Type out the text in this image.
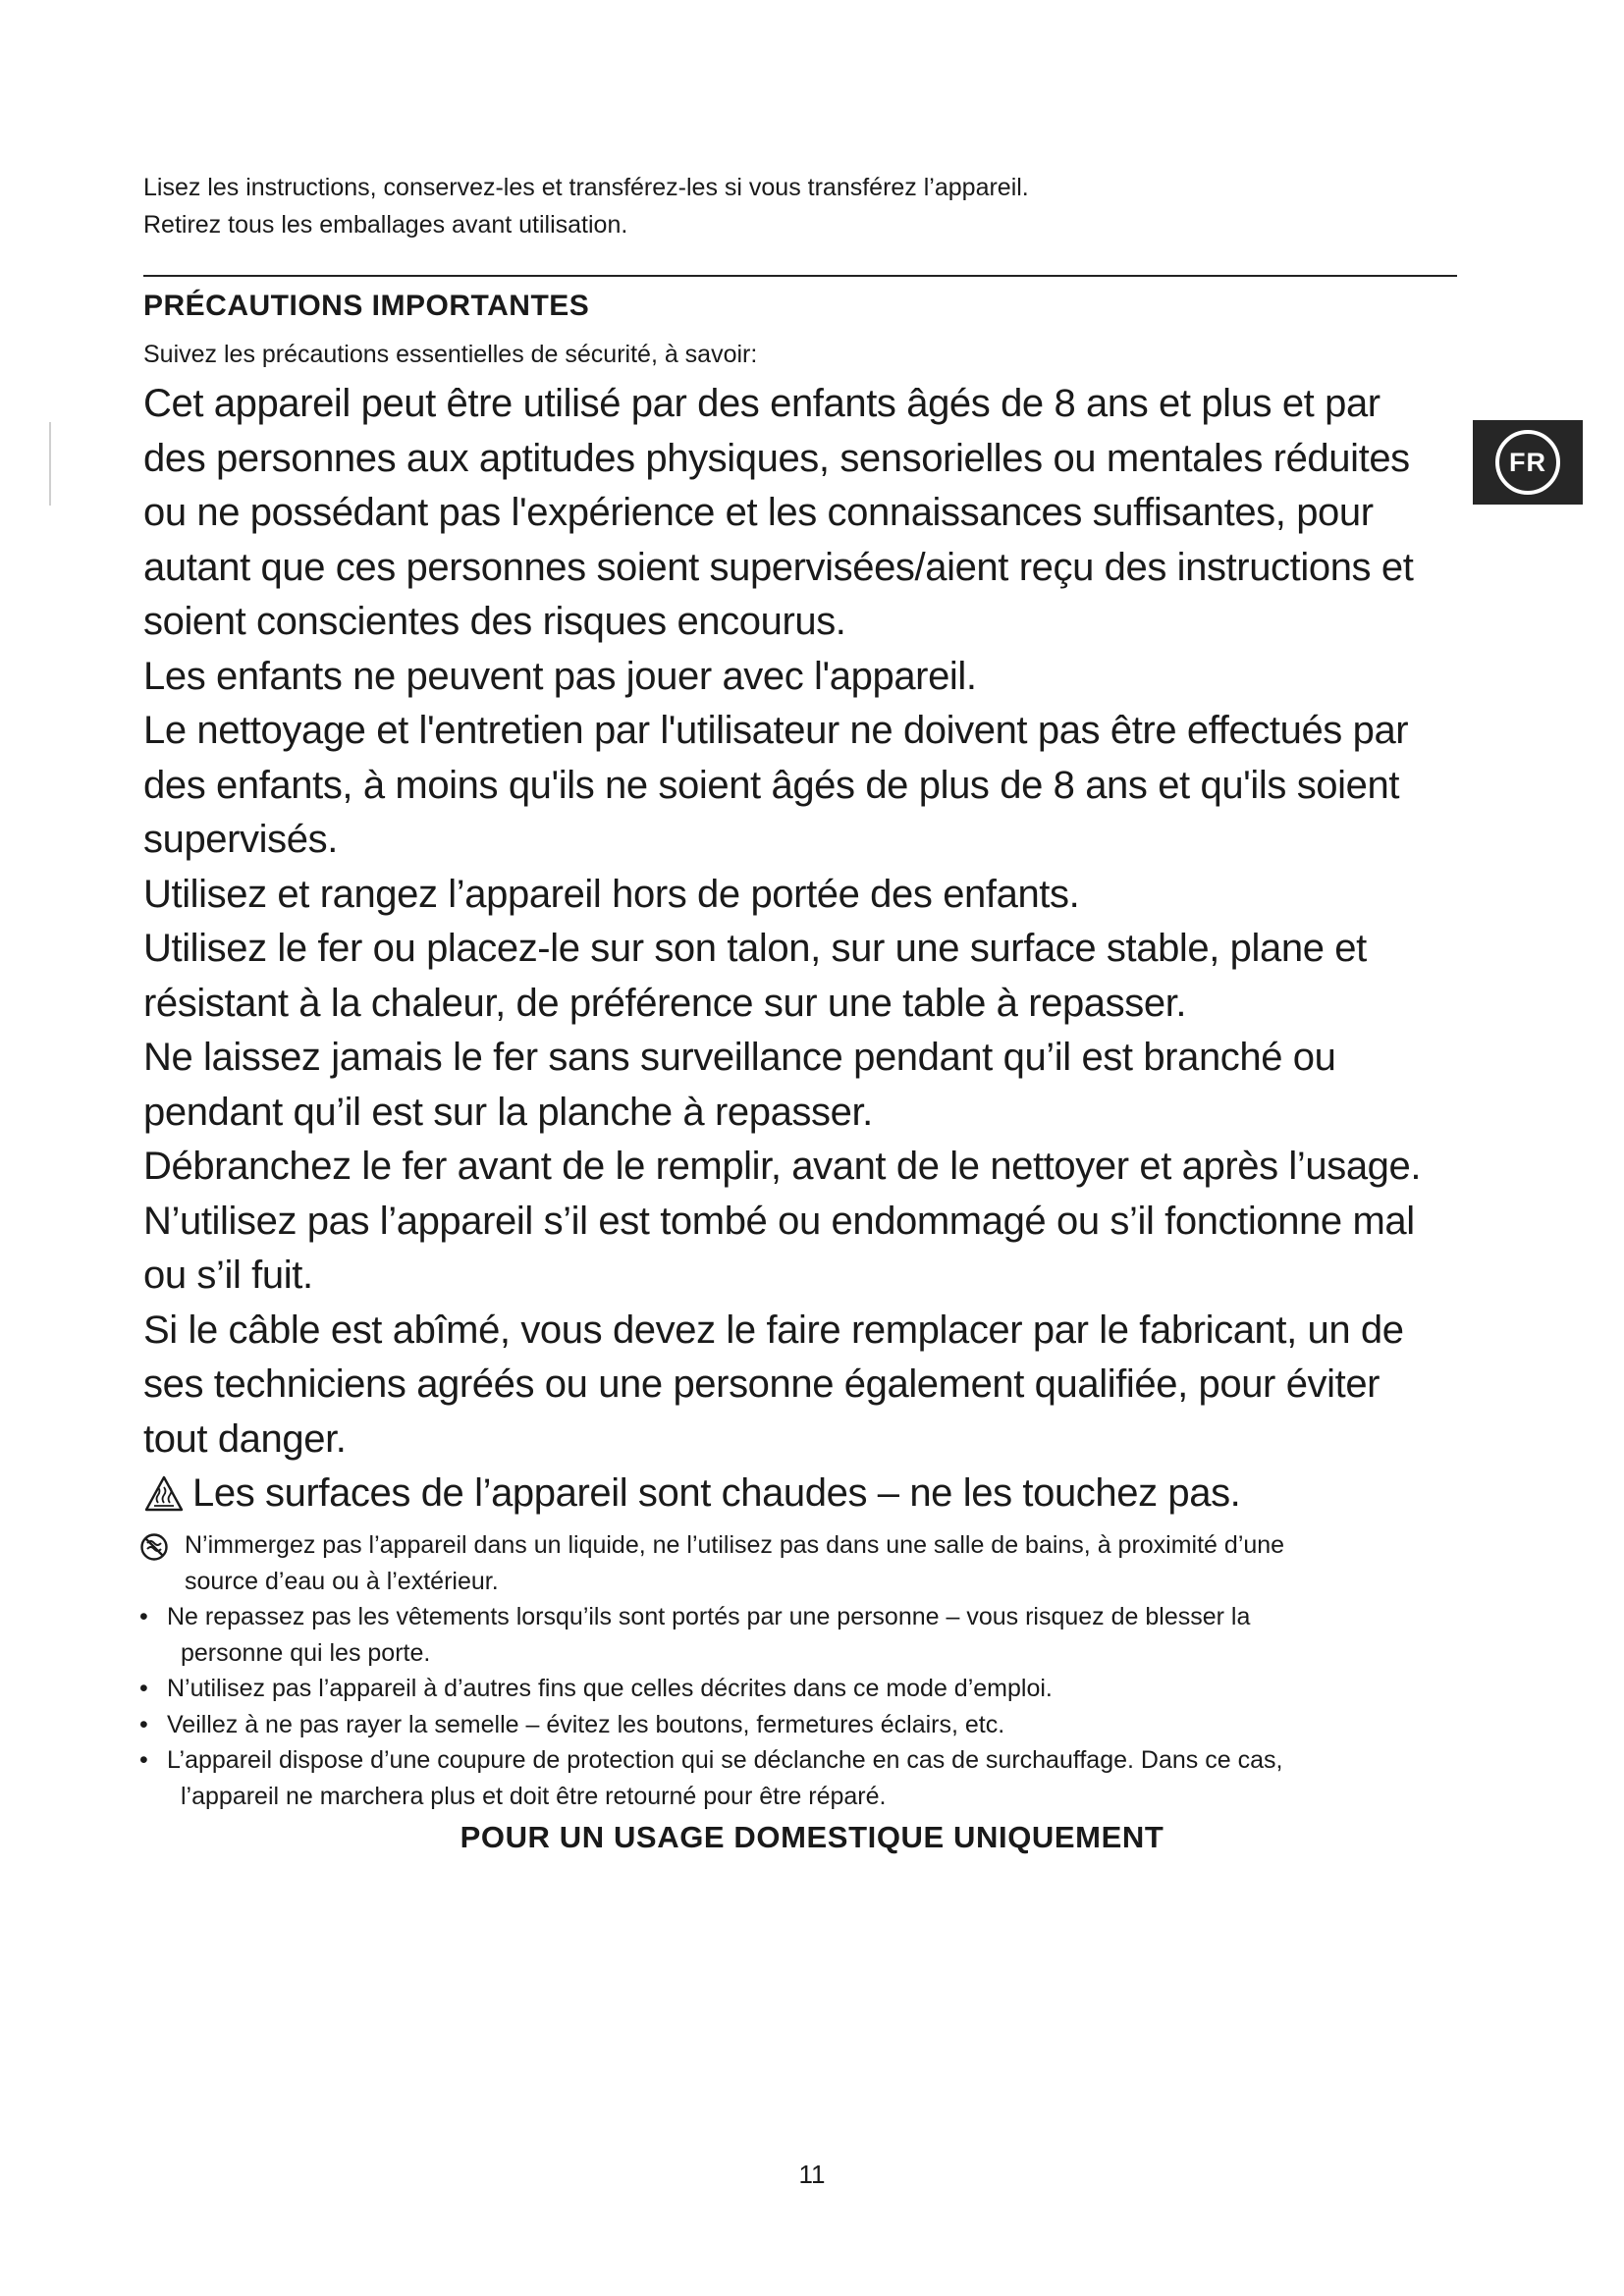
Lisez les instructions, conservez-les et transférez-les si vous transférez l’appareil.

Retirez tous les emballages avant utilisation.

PRÉCAUTIONS IMPORTANTES

Suivez les précautions essentielles de sécurité, à savoir:

FR

Cet appareil peut être utilisé par des enfants âgés de 8 ans et plus et par

des personnes aux aptitudes physiques, sensorielles ou mentales réduites

ou ne possédant pas l'expérience et les connaissances suffisantes, pour

autant que ces personnes soient supervisées/aient reçu des instructions et

soient conscientes des risques encourus.

Les enfants ne peuvent pas jouer avec l'appareil.

Le nettoyage et l'entretien par l'utilisateur ne doivent pas être effectués par

des enfants, à moins qu'ils ne soient âgés de plus de 8 ans et qu'ils soient

supervisés.

Utilisez et rangez l’appareil hors de portée des enfants.

Utilisez le fer ou placez-le sur son talon, sur une surface stable, plane et

résistant à la chaleur, de préférence sur une table à repasser.

Ne laissez jamais le fer sans surveillance pendant qu’il est branché ou

pendant qu’il est sur la planche à repasser.

Débranchez le fer avant de le remplir, avant de le nettoyer et après l’usage.

N’utilisez pas l’appareil s’il est tombé ou endommagé ou s’il fonctionne mal

ou s’il fuit.

Si le câble est abîmé, vous devez le faire remplacer par le fabricant, un de

ses techniciens agréés ou une personne également qualifiée, pour éviter

tout danger.

Les surfaces de l’appareil sont chaudes – ne les touchez pas.

N’immergez pas l’appareil dans un liquide, ne l’utilisez pas dans une salle de bains, à proximité d’une

source d’eau ou à l’extérieur.

• Ne repassez pas les vêtements lorsqu’ils sont portés par une personne – vous risquez de blesser la

personne qui les porte.

• N’utilisez pas l’appareil à d’autres fins que celles décrites dans ce mode d’emploi.

• Veillez à ne pas rayer la semelle – évitez les boutons, fermetures éclairs, etc.

• L’appareil dispose d’une coupure de protection qui se déclanche en cas de surchauffage. Dans ce cas,

l’appareil ne marchera plus et doit être retourné pour être réparé.

POUR UN USAGE DOMESTIQUE UNIQUEMENT

11
